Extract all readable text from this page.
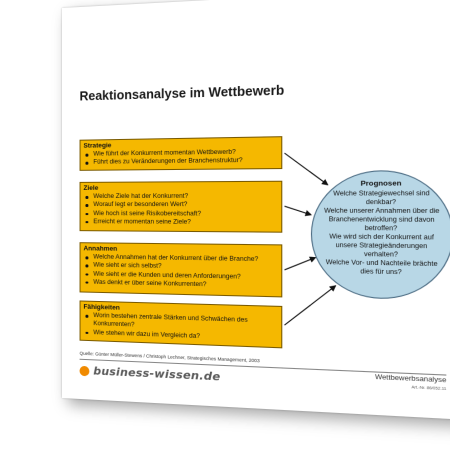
Reaktionsanalyse im Wettbewerb
Strategie
Wie führt der Konkurrent momentan Wettbewerb?
Führt dies zu Veränderungen der Branchenstruktur?
Ziele
Welche Ziele hat der Konkurrent?
Worauf legt er besonderen Wert?
Wie hoch ist seine Risikobereitschaft?
Erreicht er momentan seine Ziele?
Annahmen
Welche Annahmen hat der Konkurrent über die Branche?
Wie sieht er sich selbst?
Wie sieht er die Kunden und deren Anforderungen?
Was denkt er über seine Konkurrenten?
Fähigkeiten
Worin bestehen zentrale Stärken und Schwächen des Konkurrenten?
Wie stehen wir dazu im Vergleich da?
Prognosen
Welche Strategiewechsel sind denkbar?
Welche unserer Annahmen über die Branchenentwicklung sind davon betroffen?
Wie wird sich der Konkurrent auf unsere Strategieänderungen verhalten?
Welche Vor- und Nachteile brächte dies für uns?
Quelle: Günter Müller-Stewens / Christoph Lechner, Strategisches Management, 2003
business-wissen.de	Wettbewerbsanalyse
Art.-Nr. 86/052.11
